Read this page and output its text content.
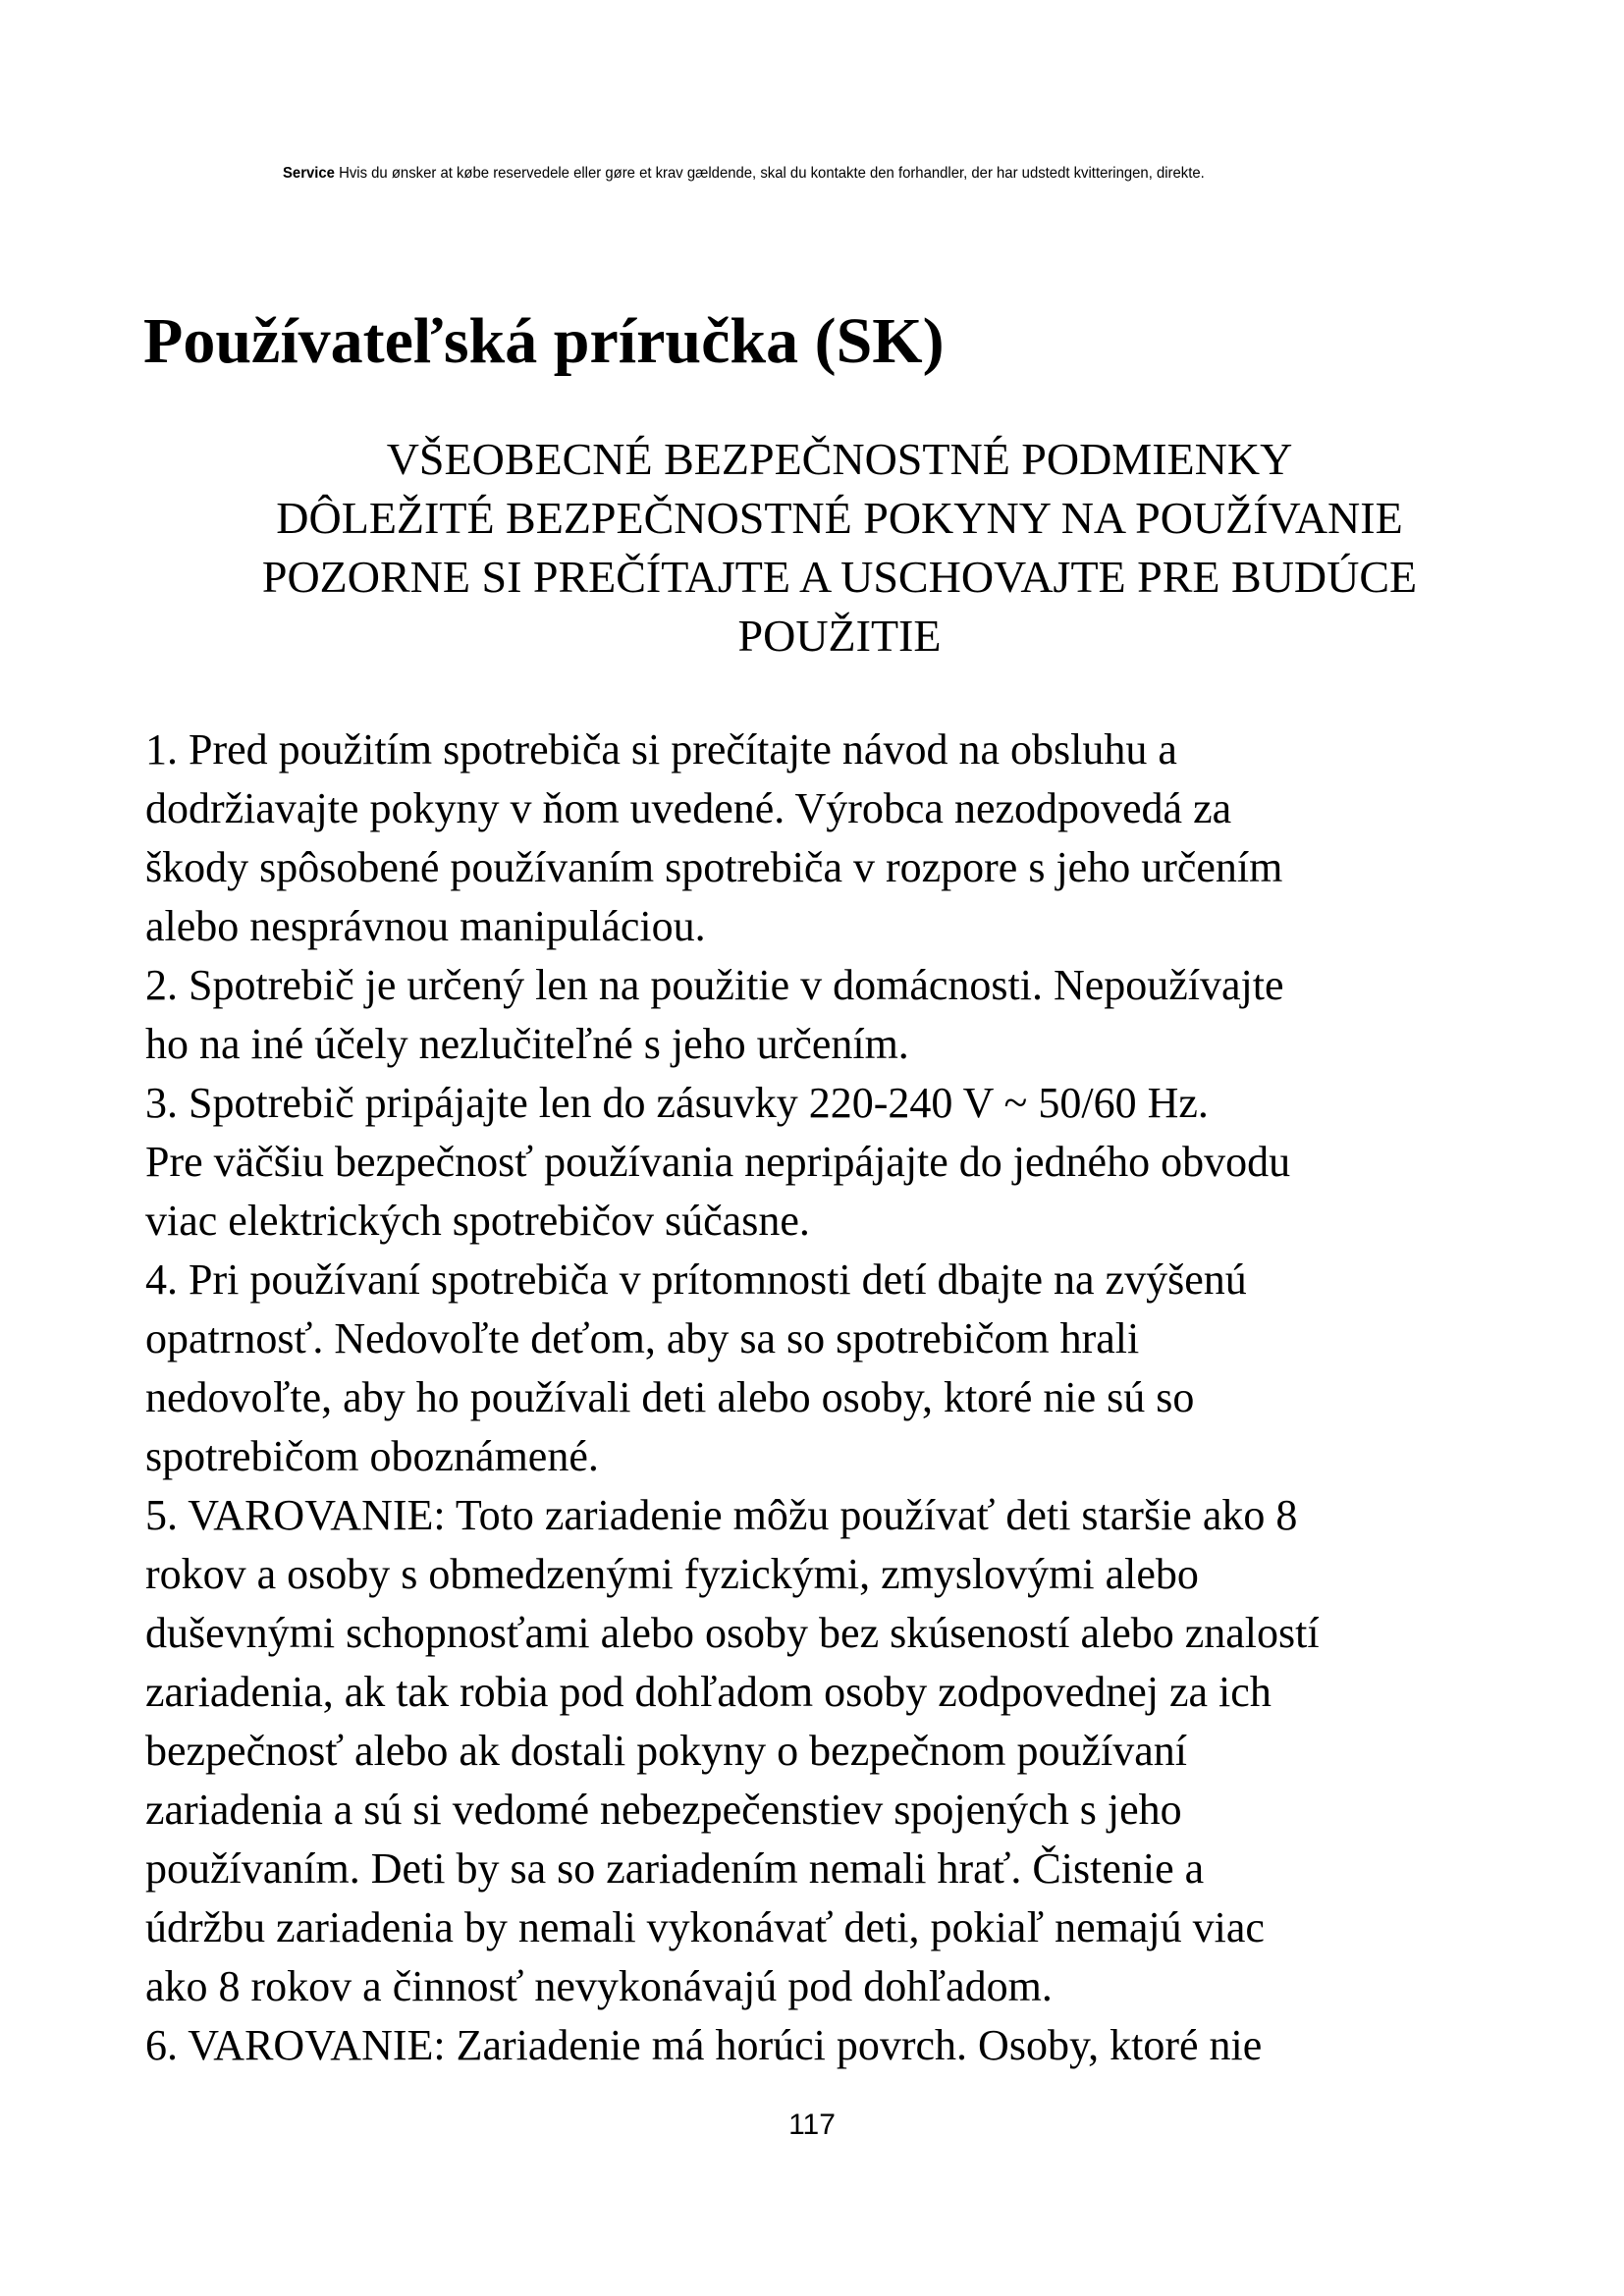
Service Hvis du ønsker at købe reservedele eller gøre et krav gældende, skal du kontakte den forhandler, der har udstedt kvitteringen, direkte.
Používateľská príručka (SK)
VŠEOBECNÉ BEZPEČNOSTNÉ PODMIENKY
DÔLEŽITÉ BEZPEČNOSTNÉ POKYNY NA POUŽÍVANIE
POZORNE SI PREČÍTAJTE A USCHOVAJTE PRE BUDÚCE
POUŽITIE
1. Pred použitím spotrebiča si prečítajte návod na obsluhu a
dodržiavajte pokyny v ňom uvedené. Výrobca nezodpovedá za
škody spôsobené používaním spotrebiča v rozpore s jeho určením
alebo nesprávnou manipuláciou.
2. Spotrebič je určený len na použitie v domácnosti. Nepoužívajte
ho na iné účely nezlučiteľné s jeho určením.
3. Spotrebič pripájajte len do zásuvky 220-240 V ~ 50/60 Hz.
Pre väčšiu bezpečnosť používania nepripájajte do jedného obvodu
viac elektrických spotrebičov súčasne.
4. Pri používaní spotrebiča v prítomnosti detí dbajte na zvýšenú
opatrnosť. Nedovoľte deťom, aby sa so spotrebičom hrali
nedovoľte, aby ho používali deti alebo osoby, ktoré nie sú so
spotrebičom oboznámené.
5. VAROVANIE: Toto zariadenie môžu používať deti staršie ako 8
rokov a osoby s obmedzenými fyzickými, zmyslovými alebo
duševnými schopnosťami alebo osoby bez skúseností alebo znalostí
zariadenia, ak tak robia pod dohľadom osoby zodpovednej za ich
bezpečnosť alebo ak dostali pokyny o bezpečnom používaní
zariadenia a sú si vedomé nebezpečenstiev spojených s jeho
používaním. Deti by sa so zariadením nemali hrať. Čistenie a
údržbu zariadenia by nemali vykonávať deti, pokiaľ nemajú viac
ako 8 rokov a činnosť nevykonávajú pod dohľadom.
6. VAROVANIE: Zariadenie má horúci povrch. Osoby, ktoré nie
117
